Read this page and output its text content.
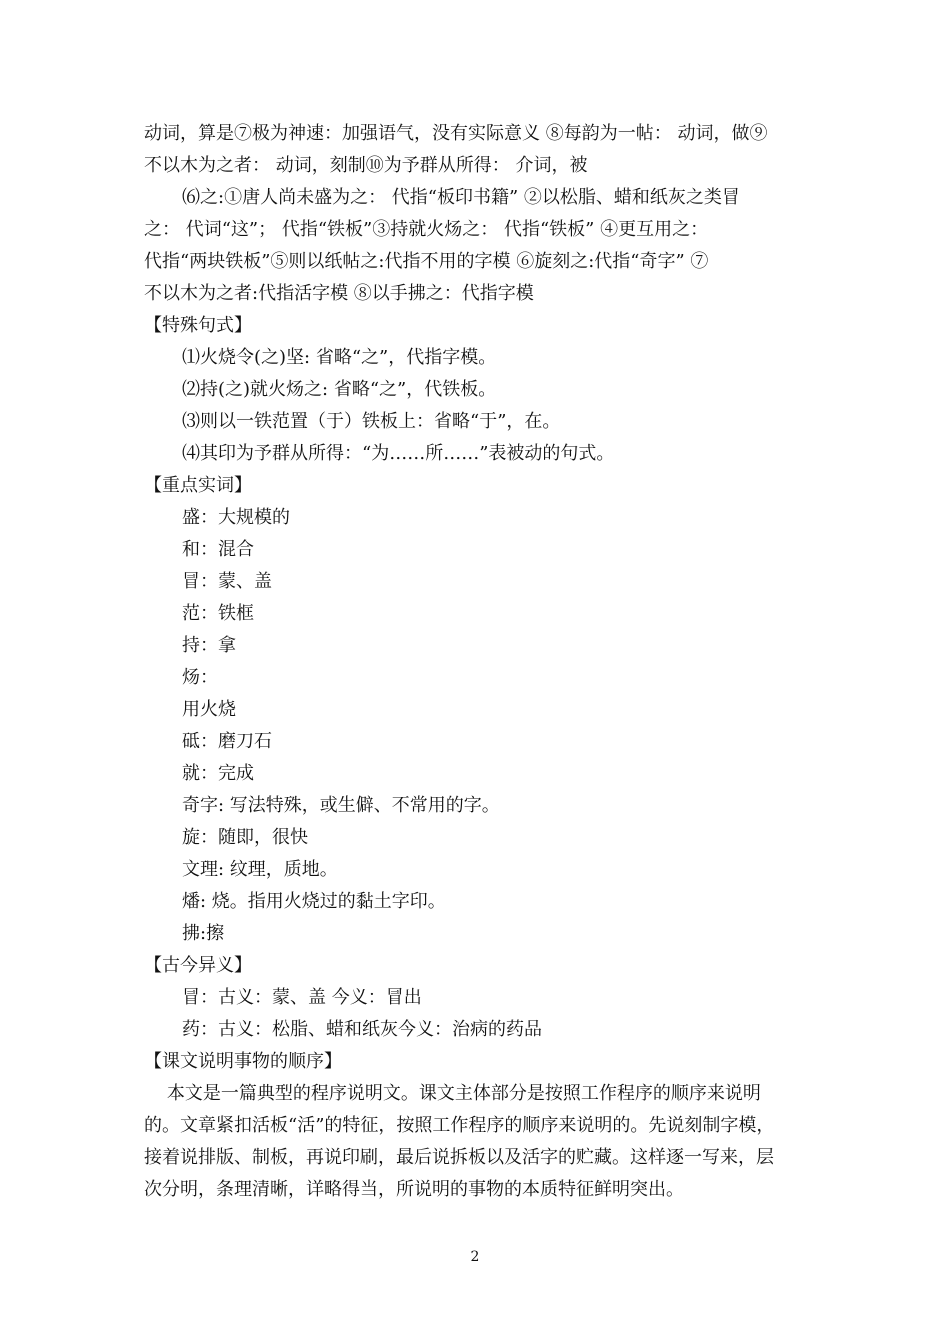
动词，算是⑦极为神速：加强语气，没有实际意义 ⑧每韵为一帖： 动词，做⑨
不以木为之者： 动词，刻制⑩为予群从所得： 介词，被
⑹之:①唐人尚未盛为之： 代指“板印书籍” ②以松脂、蜡和纸灰之类冒
之： 代词“这”； 代指“铁板”③持就火炀之： 代指“铁板” ④更互用之：
代指“两块铁板”⑤则以纸帖之:代指不用的字模 ⑥旋刻之:代指“奇字” ⑦
不以木为之者:代指活字模 ⑧以手拂之：代指字模
【特殊句式】
⑴火烧令(之)坚: 省略“之”，代指字模。
⑵持(之)就火炀之: 省略“之”，代铁板。
⑶则以一铁范置（于）铁板上：省略“于”，在。
⑷其印为予群从所得：“为……所……”表被动的句式。
【重点实词】
盛：大规模的
和：混合
冒：蒙、盖
范：铁框
持：拿
炀：
用火烧
砥：磨刀石
就：完成
奇字: 写法特殊，或生僻、不常用的字。
旋：随即，很快
文理: 纹理，质地。
燔: 烧。指用火烧过的黏土字印。
拂:擦
【古今异义】
冒：古义：蒙、盖 今义：冒出
药：古义：松脂、蜡和纸灰今义：治病的药品
【课文说明事物的顺序】
本文是一篇典型的程序说明文。课文主体部分是按照工作程序的顺序来说明
的。文章紧扣活板“活”的特征，按照工作程序的顺序来说明的。先说刻制字模，
接着说排版、制板，再说印刷，最后说拆板以及活字的贮藏。这样逐一写来，层
次分明，条理清晰，详略得当，所说明的事物的本质特征鲜明突出。
2
